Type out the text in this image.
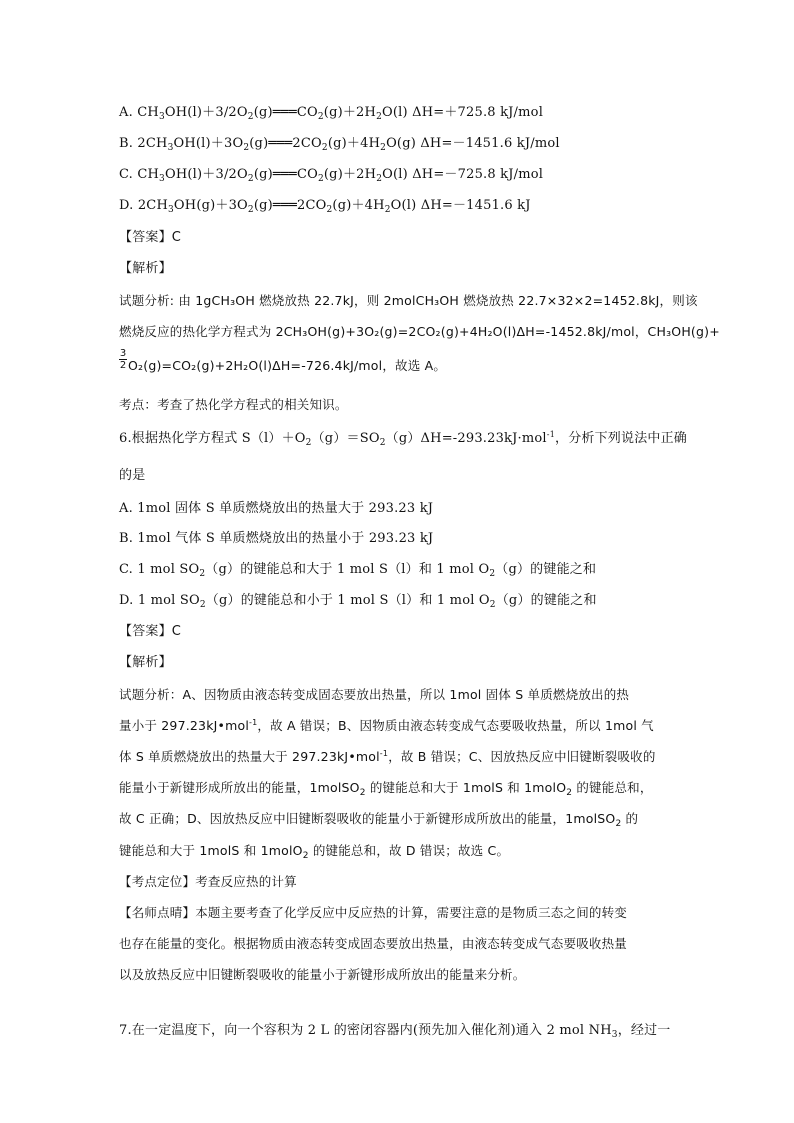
A. $CH_3OH(l)+3/2O_2(g)═══CO_2(g)+2H_2O(l)$ ΔH=＋725.8 kJ/mol
B. $2CH_3OH(l)+3O_2(g)═══2CO_2(g)+4H_2O(g)$ ΔH=－1451.6 kJ/mol
C. $CH_3OH(l)+3/2O_2(g)═══CO_2(g)+2H_2O(l)$ ΔH=－725.8 kJ/mol
D. $2CH_3OH(g)+3O_2(g)═══2CO_2(g)+4H_2O(l)$ ΔH=－1451.6 kJ
【答案】C
【解析】
试题分析: 由 1gCH₃OH 燃烧放热 22.7kJ，则 2molCH₃OH 燃烧放热 22.7×32×2=1452.8kJ，则该
燃烧反应的热化学方程式为 2CH₃OH(g)+3O₂(g)=2CO₂(g)+4H₂O(l)ΔH=-1452.8kJ/mol，CH₃OH(g)+
$\frac{3}{2} O_2(g)=CO_2(g)+2H_2O(l)\Delta H=-726.4kJ/mol$，故选 A。
考点：考查了热化学方程式的相关知识。
6.根据热化学方程式 $S(l)+O_2(g)=SO_2(g)\Delta H=-293.23kJ\cdot mol^{-1}$，分析下列说法中正确
的是
A. 1mol 固体 S 单质燃烧放出的热量大于 293.23 kJ
B. 1mol 气体 S 单质燃烧放出的热量小于 293.23 kJ
C. 1 mol $SO_2(g)$的键能总和大于 1 mol S（l）和 1 mol $O_2(g)$的键能之和
D. 1 mol $SO_2(g)$的键能总和小于 1 mol S（l）和 1 mol $O_2(g)$的键能之和
【答案】C
【解析】
试题分析：A、因物质由液态转变成固态要放出热量，所以 1mol 固体 S 单质燃烧放出的热
量小于 297.23kJ•mol$^{-1}$，故 A 错误；B、因物质由液态转变成气态要吸收热量，所以 1mol 气
体 S 单质燃烧放出的热量大于 297.23kJ•mol$^{-1}$，故 B 错误；C、因放热反应中旧键断裂吸收的
能量小于新键形成所放出的能量，1molSO$_2$ 的键能总和大于 1molS 和 1molO$_2$ 的键能总和，
故 C 正确；D、因放热反应中旧键断裂吸收的能量小于新键形成所放出的能量，1molSO$_2$ 的
键能总和大于 1molS 和 1molO$_2$ 的键能总和，故 D 错误；故选 C。
【考点定位】考查反应热的计算
【名师点晴】本题主要考查了化学反应中反应热的计算，需要注意的是物质三态之间的转变
也存在能量的变化。根据物质由液态转变成固态要放出热量，由液态转变成气态要吸收热量
以及放热反应中旧键断裂吸收的能量小于新键形成所放出的能量来分析。
7.在一定温度下，向一个容积为 2 L 的密闭容器内(预先加入催化剂)通入 2 mol $NH_3$，经过一
